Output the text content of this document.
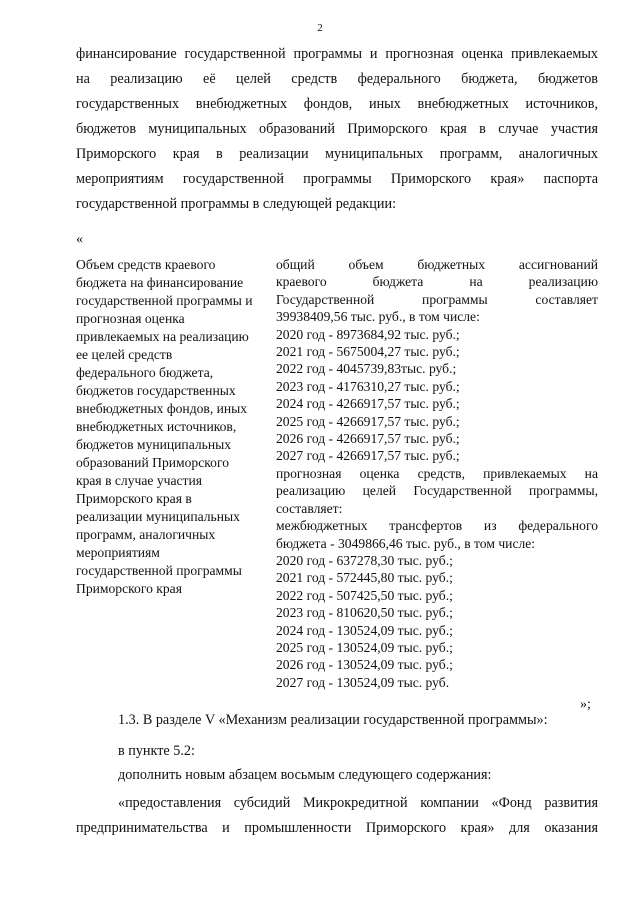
2
финансирование государственной программы и прогнозная оценка привлекаемых
на реализацию её целей средств федерального бюджета, бюджетов
государственных внебюджетных фондов, иных внебюджетных источников,
бюджетов муниципальных образований Приморского края в случае участия
Приморского края в реализации муниципальных программ, аналогичных
мероприятиям государственной программы Приморского края» паспорта
государственной программы в следующей редакции:
«
Объем средств краевого
бюджета на финансирование
государственной программы и
прогнозная оценка
привлекаемых на реализацию
ее целей средств
федерального бюджета,
бюджетов государственных
внебюджетных фондов, иных
внебюджетных источников,
бюджетов муниципальных
образований Приморского
края в случае участия
Приморского края в
реализации муниципальных
программ, аналогичных
мероприятиям
государственной программы
Приморского края
общий объем бюджетных ассигнований
краевого бюджета на реализацию
Государственной программы составляет
39938409,56 тыс. руб., в том числе:
2020 год - 8973684,92 тыс. руб.;
2021 год - 5675004,27 тыс. руб.;
2022 год - 4045739,83тыс. руб.;
2023 год - 4176310,27 тыс. руб.;
2024 год - 4266917,57 тыс. руб.;
2025 год - 4266917,57 тыс. руб.;
2026 год - 4266917,57 тыс. руб.;
2027 год - 4266917,57 тыс. руб.;
прогнозная оценка средств, привлекаемых на
реализацию целей Государственной программы,
составляет:
межбюджетных трансфертов из федерального
бюджета - 3049866,46 тыс. руб., в том числе:
2020 год - 637278,30 тыс. руб.;
2021 год - 572445,80 тыс. руб.;
2022 год - 507425,50 тыс. руб.;
2023 год - 810620,50 тыс. руб.;
2024 год - 130524,09 тыс. руб.;
2025 год - 130524,09 тыс. руб.;
2026 год - 130524,09 тыс. руб.;
2027 год - 130524,09 тыс. руб.
»;
1.3. В разделе V «Механизм реализации государственной программы»:
в пункте 5.2:
дополнить новым абзацем восьмым следующего содержания:
«предоставления субсидий Микрокредитной компании «Фонд развития
предпринимательства и промышленности Приморского края» для оказания
